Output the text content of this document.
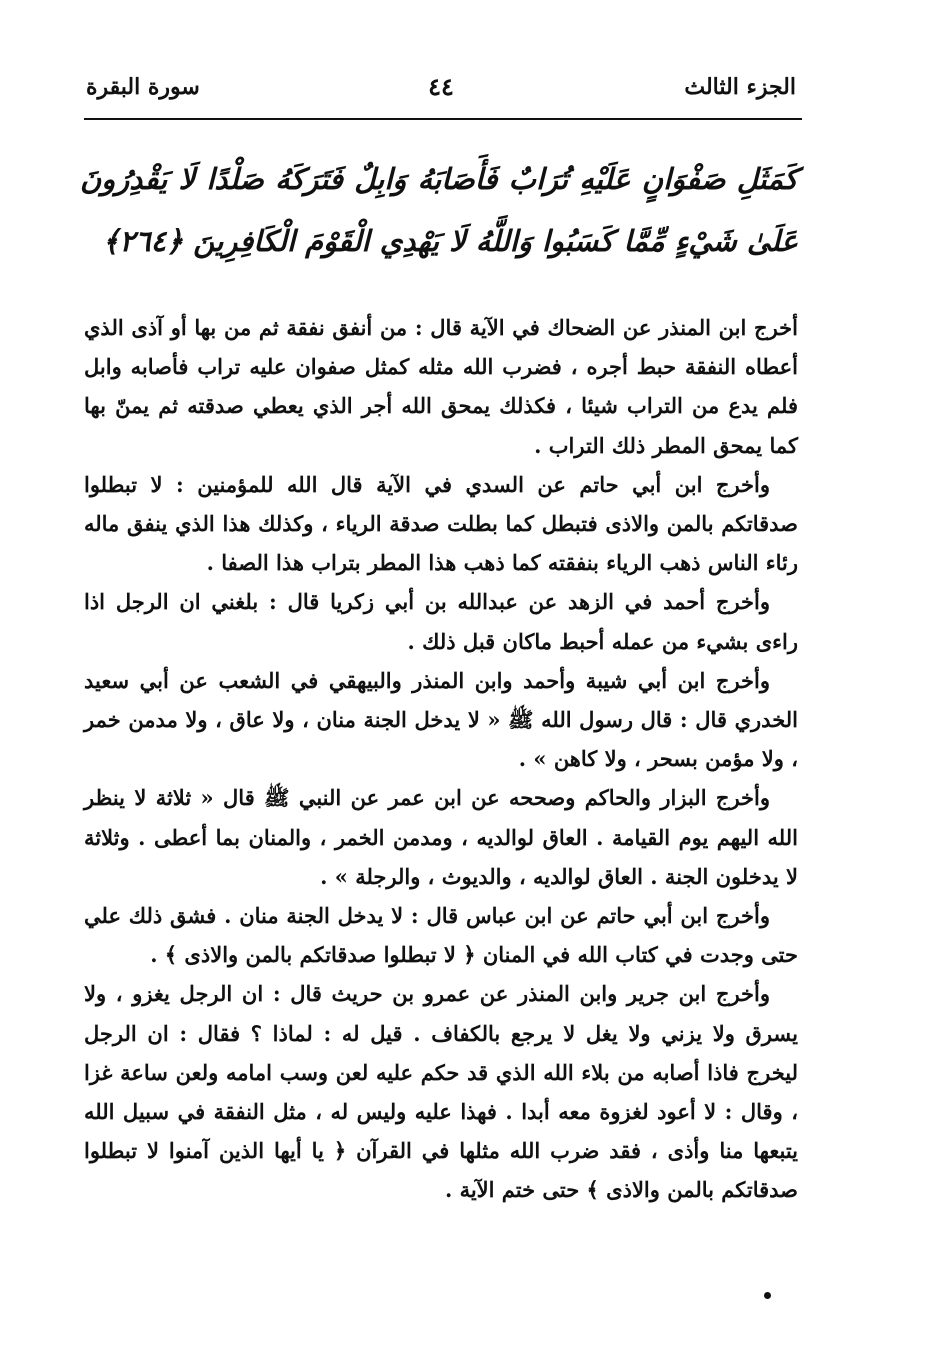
الجزء الثالث
٤٤
سورة البقرة
كَمَثَلِ صَفْوَانٍ عَلَيْهِ تُرَابٌ فَأَصَابَهُ وَابِلٌ فَتَرَكَهُ صَلْدًا لَا يَقْدِرُونَ عَلَىٰ شَيْءٍ مِّمَّا كَسَبُوا وَاللَّهُ لَا يَهْدِي الْقَوْمَ الْكَافِرِينَ ﴿٢٦٤﴾

أخرج ابن المنذر عن الضحاك في الآية قال : من أنفق نفقة ثم من بها أو آذى الذي أعطاه النفقة حبط أجره ، فضرب الله مثله كمثل صفوان عليه تراب فأصابه وابل فلم يدع من التراب شيئا ، فكذلك يمحق الله أجر الذي يعطي صدقته ثم يمنّ بها كما يمحق المطر ذلك التراب .

وأخرج ابن أبي حاتم عن السدي في الآية قال الله للمؤمنين : لا تبطلوا صدقاتكم بالمن والاذى فتبطل كما بطلت صدقة الرياء ، وكذلك هذا الذي ينفق ماله رئاء الناس ذهب الرياء بنفقته كما ذهب هذا المطر بتراب هذا الصفا .

وأخرج أحمد في الزهد عن عبدالله بن أبي زكريا قال : بلغني ان الرجل اذا راءى بشيء من عمله أحبط ماكان قبل ذلك .

وأخرج ابن أبي شيبة وأحمد وابن المنذر والبيهقي في الشعب عن أبي سعيد الخدري قال : قال رسول الله ﷺ « لا يدخل الجنة منان ، ولا عاق ، ولا مدمن خمر ، ولا مؤمن بسحر ، ولا كاهن » .

وأخرج البزار والحاكم وصححه عن ابن عمر عن النبي ﷺ قال « ثلاثة لا ينظر الله اليهم يوم القيامة . العاق لوالديه ، ومدمن الخمر ، والمنان بما أعطى . وثلاثة لا يدخلون الجنة . العاق لوالديه ، والديوث ، والرجلة » .

وأخرج ابن أبي حاتم عن ابن عباس قال : لا يدخل الجنة منان . فشق ذلك علي حتى وجدت في كتاب الله في المنان ﴿ لا تبطلوا صدقاتكم بالمن والاذى ﴾ .

وأخرج ابن جرير وابن المنذر عن عمرو بن حريث قال : ان الرجل يغزو ، ولا يسرق ولا يزني ولا يغل لا يرجع بالكفاف . قيل له : لماذا ؟ فقال : ان الرجل ليخرج فاذا أصابه من بلاء الله الذي قد حكم عليه لعن وسب امامه ولعن ساعة غزا ، وقال : لا أعود لغزوة معه أبدا . فهذا عليه وليس له ، مثل النفقة في سبيل الله يتبعها منا وأذى ، فقد ضرب الله مثلها في القرآن ﴿ يا أيها الذين آمنوا لا تبطلوا صدقاتكم بالمن والاذى ﴾ حتى ختم الآية .
